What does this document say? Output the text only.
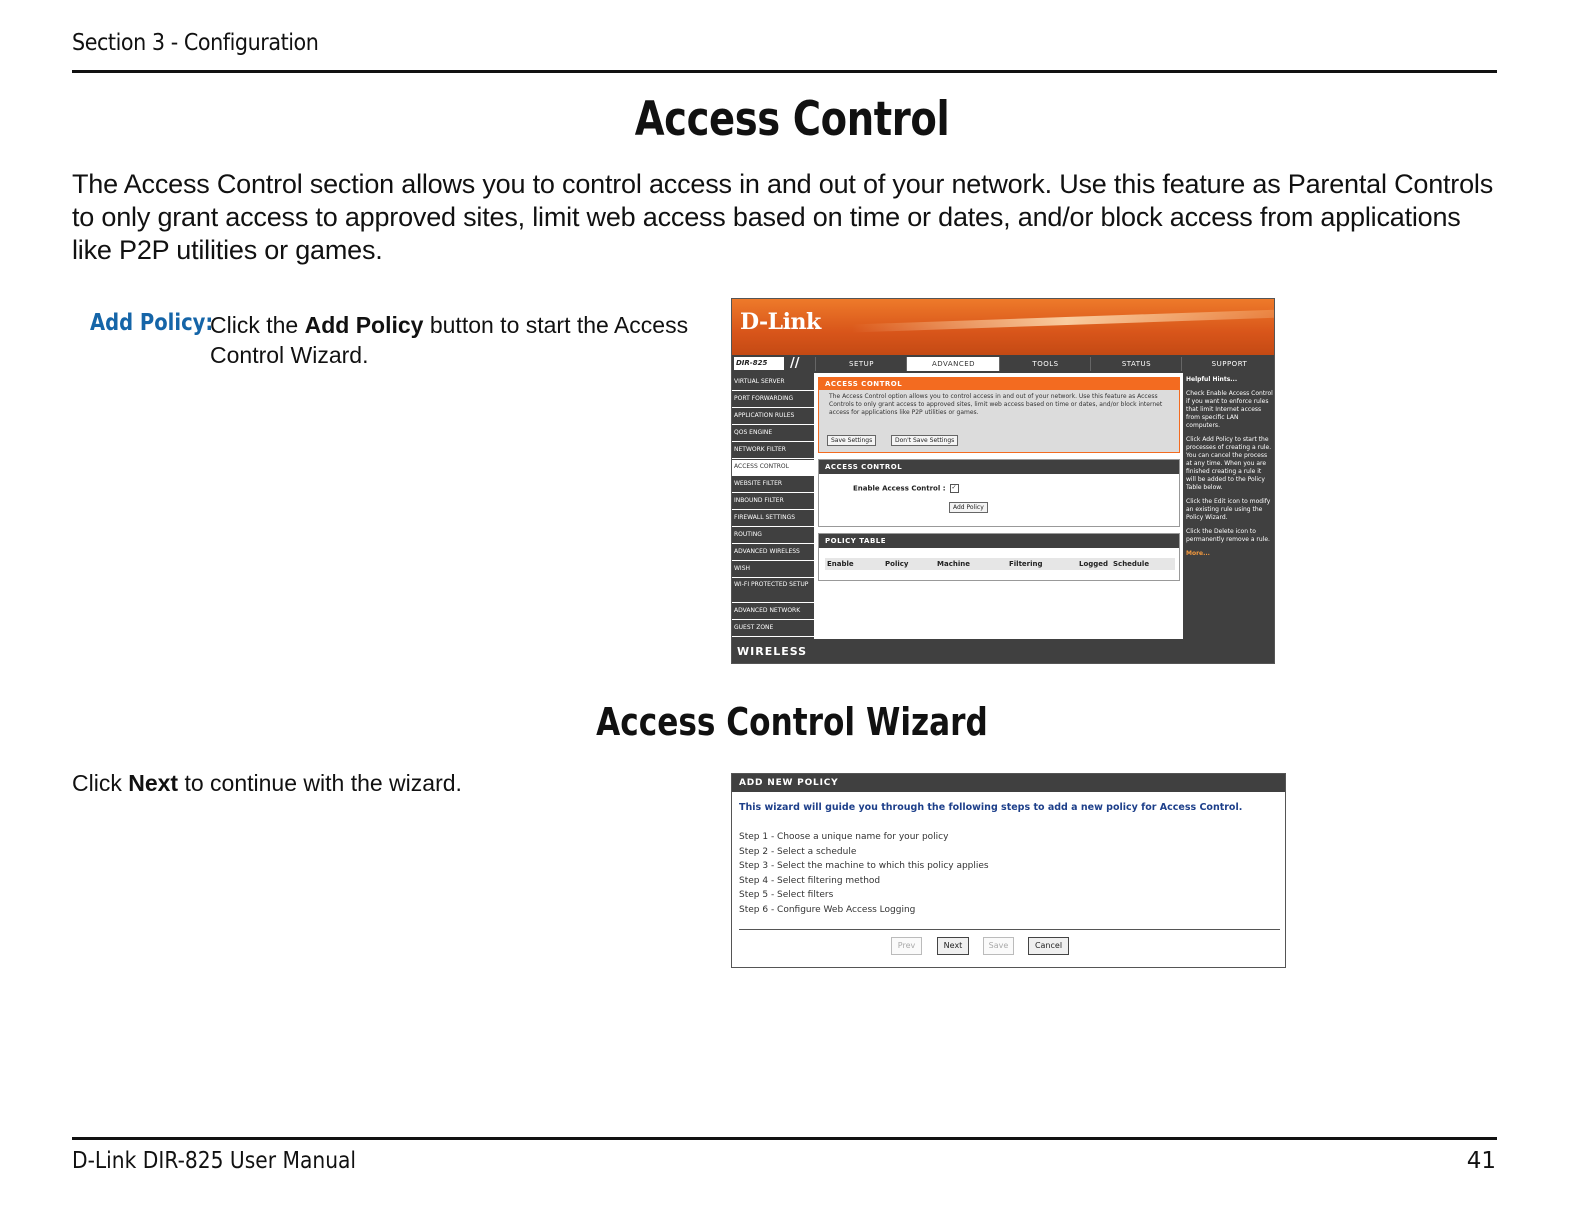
Section 3 - Configuration
Access Control
The Access Control section allows you to control access in and out of your network. Use this feature as Parental Controls to only grant access to approved sites, limit web access based on time or dates, and/or block access from applications like P2P utilities or games.
Add Policy:
Click the Add Policy button to start the Access Control Wizard.
D-Link
DIR-825	//	SETUP	ADVANCED	TOOLS	STATUS	SUPPORT
VIRTUAL SERVER
PORT FORWARDING
APPLICATION RULES
QOS ENGINE
NETWORK FILTER
ACCESS CONTROL
WEBSITE FILTER
INBOUND FILTER
FIREWALL SETTINGS
ROUTING
ADVANCED WIRELESS
WISH
WI-FI PROTECTED SETUP
ADVANCED NETWORK
GUEST ZONE
ACCESS CONTROL
The Access Control option allows you to control access in and out of your network. Use this feature as Access Controls to only grant access to approved sites, limit web access based on time or dates, and/or block internet access for applications like P2P utilities or games.
Save Settings	Don't Save Settings
ACCESS CONTROL
Enable Access Control : ✓
Add Policy
POLICY TABLE
Enable	Policy	Machine	Filtering	Logged Schedule

Helpful Hints...

Check Enable Access Control if you want to enforce rules that limit Internet access from specific LAN computers.

Click Add Policy to start the processes of creating a rule. You can cancel the process at any time. When you are finished creating a rule it will be added to the Policy Table below.

Click the Edit icon to modify an existing rule using the Policy Wizard.

Click the Delete icon to permanently remove a rule.

More...

WIRELESS
Access Control Wizard
Click Next to continue with the wizard.	ADD NEW POLICY
This wizard will guide you through the following steps to add a new policy for Access Control.
Step 1 - Choose a unique name for your policy
Step 2 - Select a schedule
Step 3 - Select the machine to which this policy applies
Step 4 - Select filtering method
Step 5 - Select filters
Step 6 - Configure Web Access Logging
Prev	Next	Save	Cancel
D-Link DIR-825 User Manual	41
